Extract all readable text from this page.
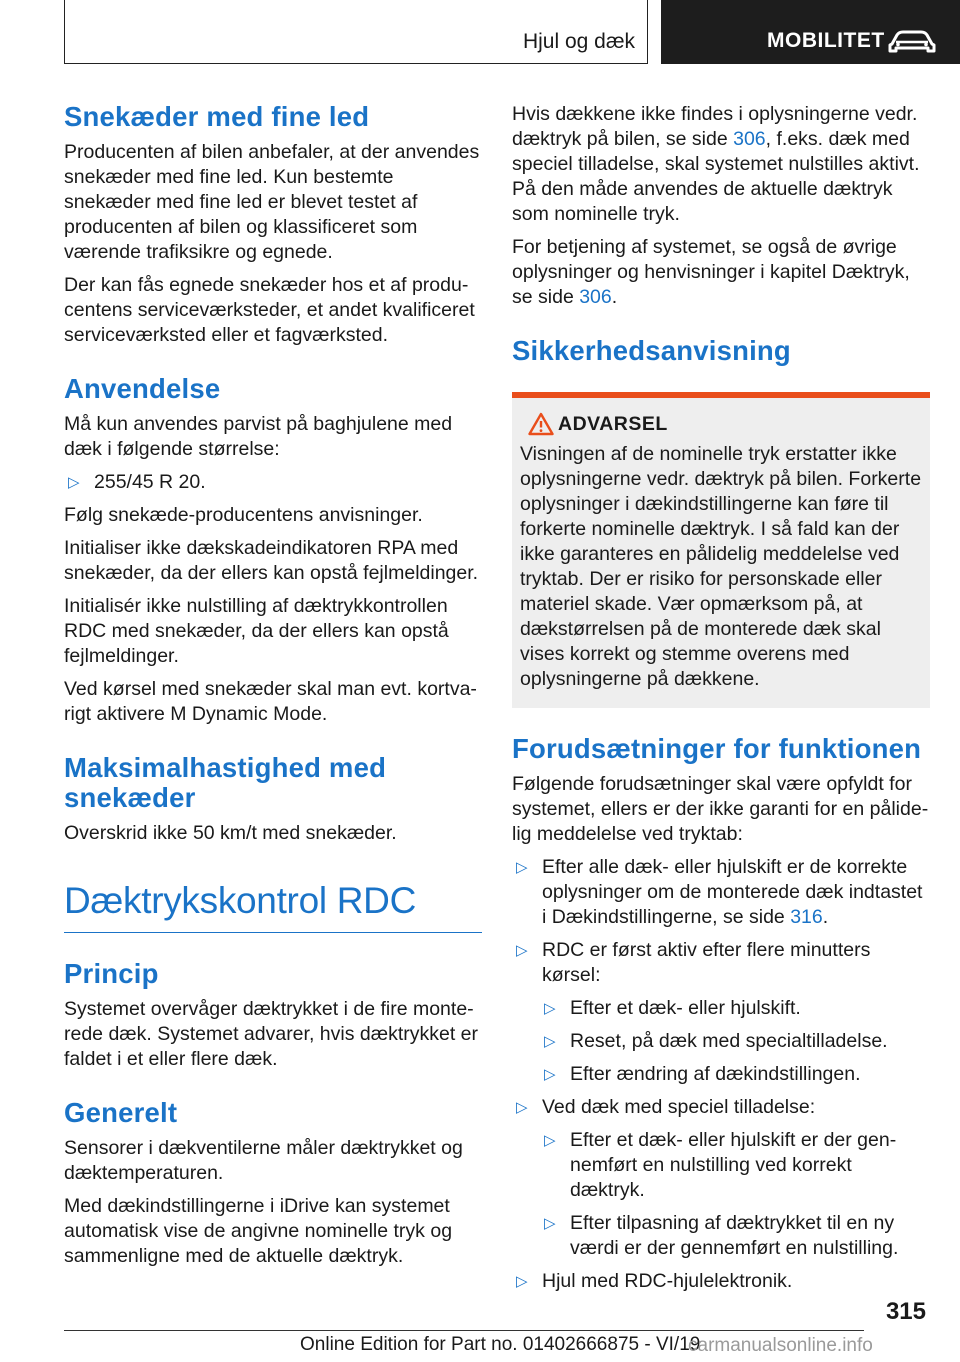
Hjul og dæk	MOBILITET
Snekæder med fine led

Producenten af bilen anbefaler, at der anvendes snekæder med fine led. Kun bestemte snekæder med fine led er blevet testet af producenten af bilen og klassificeret som værende trafiksikre og egnede.

Der kan fås egnede snekæder hos et af producentens serviceværksteder, et andet kvalificeret serviceværksted eller et fagværksted.

Anvendelse

Må kun anvendes parvist på baghjulene med dæk i følgende størrelse:

▷ 255/45 R 20.

Følg snekæde-producentens anvisninger.

Initialiser ikke dækskadeindikatoren RPA med snekæder, da der ellers kan opstå fejlmeldinger.

Initialisér ikke nulstilling af dæktrykkontrollen RDC med snekæder, da der ellers kan opstå fejlmeldinger.

Ved kørsel med snekæder skal man evt. kortvarigt aktivere M Dynamic Mode.

Maksimalhastighed med
snekæder

Overskrid ikke 50 km/t med snekæder.

Dæktrykskontrol RDC
Princip

Systemet overvåger dæktrykket i de fire monterede dæk. Systemet advarer, hvis dæktrykket er faldet i et eller flere dæk.

Generelt

Sensorer i dækventilerne måler dæktrykket og dæktemperaturen.

Med dækindstillingerne i iDrive kan systemet automatisk vise de angivne nominelle tryk og sammenligne med de aktuelle dæktryk.

Hvis dækkene ikke findes i oplysningerne vedr. dæktryk på bilen, se side 306, f.eks. dæk med speciel tilladelse, skal systemet nulstilles aktivt. På den måde anvendes de aktuelle dæktryk som nominelle tryk.

For betjening af systemet, se også de øvrige oplysninger og henvisninger i kapitel Dæktryk, se side 306.

Sikkerhedsanvisning
ADVARSEL

Visningen af de nominelle tryk erstatter ikke oplysningerne vedr. dæktryk på bilen. Forkerte oplysninger i dækindstillingerne kan føre til forkerte nominelle dæktryk. I så fald kan der ikke garanteres en pålidelig meddelelse ved tryktab. Der er risiko for personskade eller materiel skade. Vær opmærksom på, at dækstørrelsen på de monterede dæk skal vises korrekt og stemme overens med oplysningerne på dækkene.

Forudsætninger for funktionen

Følgende forudsætninger skal være opfyldt for systemet, ellers er der ikke garanti for en pålidelig meddelelse ved tryktab:

▷ Efter alle dæk- eller hjulskift er de korrekte oplysninger om de monterede dæk indtastet i Dækindstillingerne, se side 316.
▷ RDC er først aktiv efter flere minutters kørsel:
▷ Efter et dæk- eller hjulskift.
▷ Reset, på dæk med specialtilladelse.
▷ Efter ændring af dækindstillingen.
▷ Ved dæk med speciel tilladelse:
▷ Efter et dæk- eller hjulskift er der gennemført en nulstilling ved korrekt dæktryk.
▷ Efter tilpasning af dæktrykket til en ny værdi er der gennemført en nulstilling.
▷ Hjul med RDC-hjulelektronik.
315
Online Edition for Part no. 01402666875 - VI/19
carmanualsonline.info
